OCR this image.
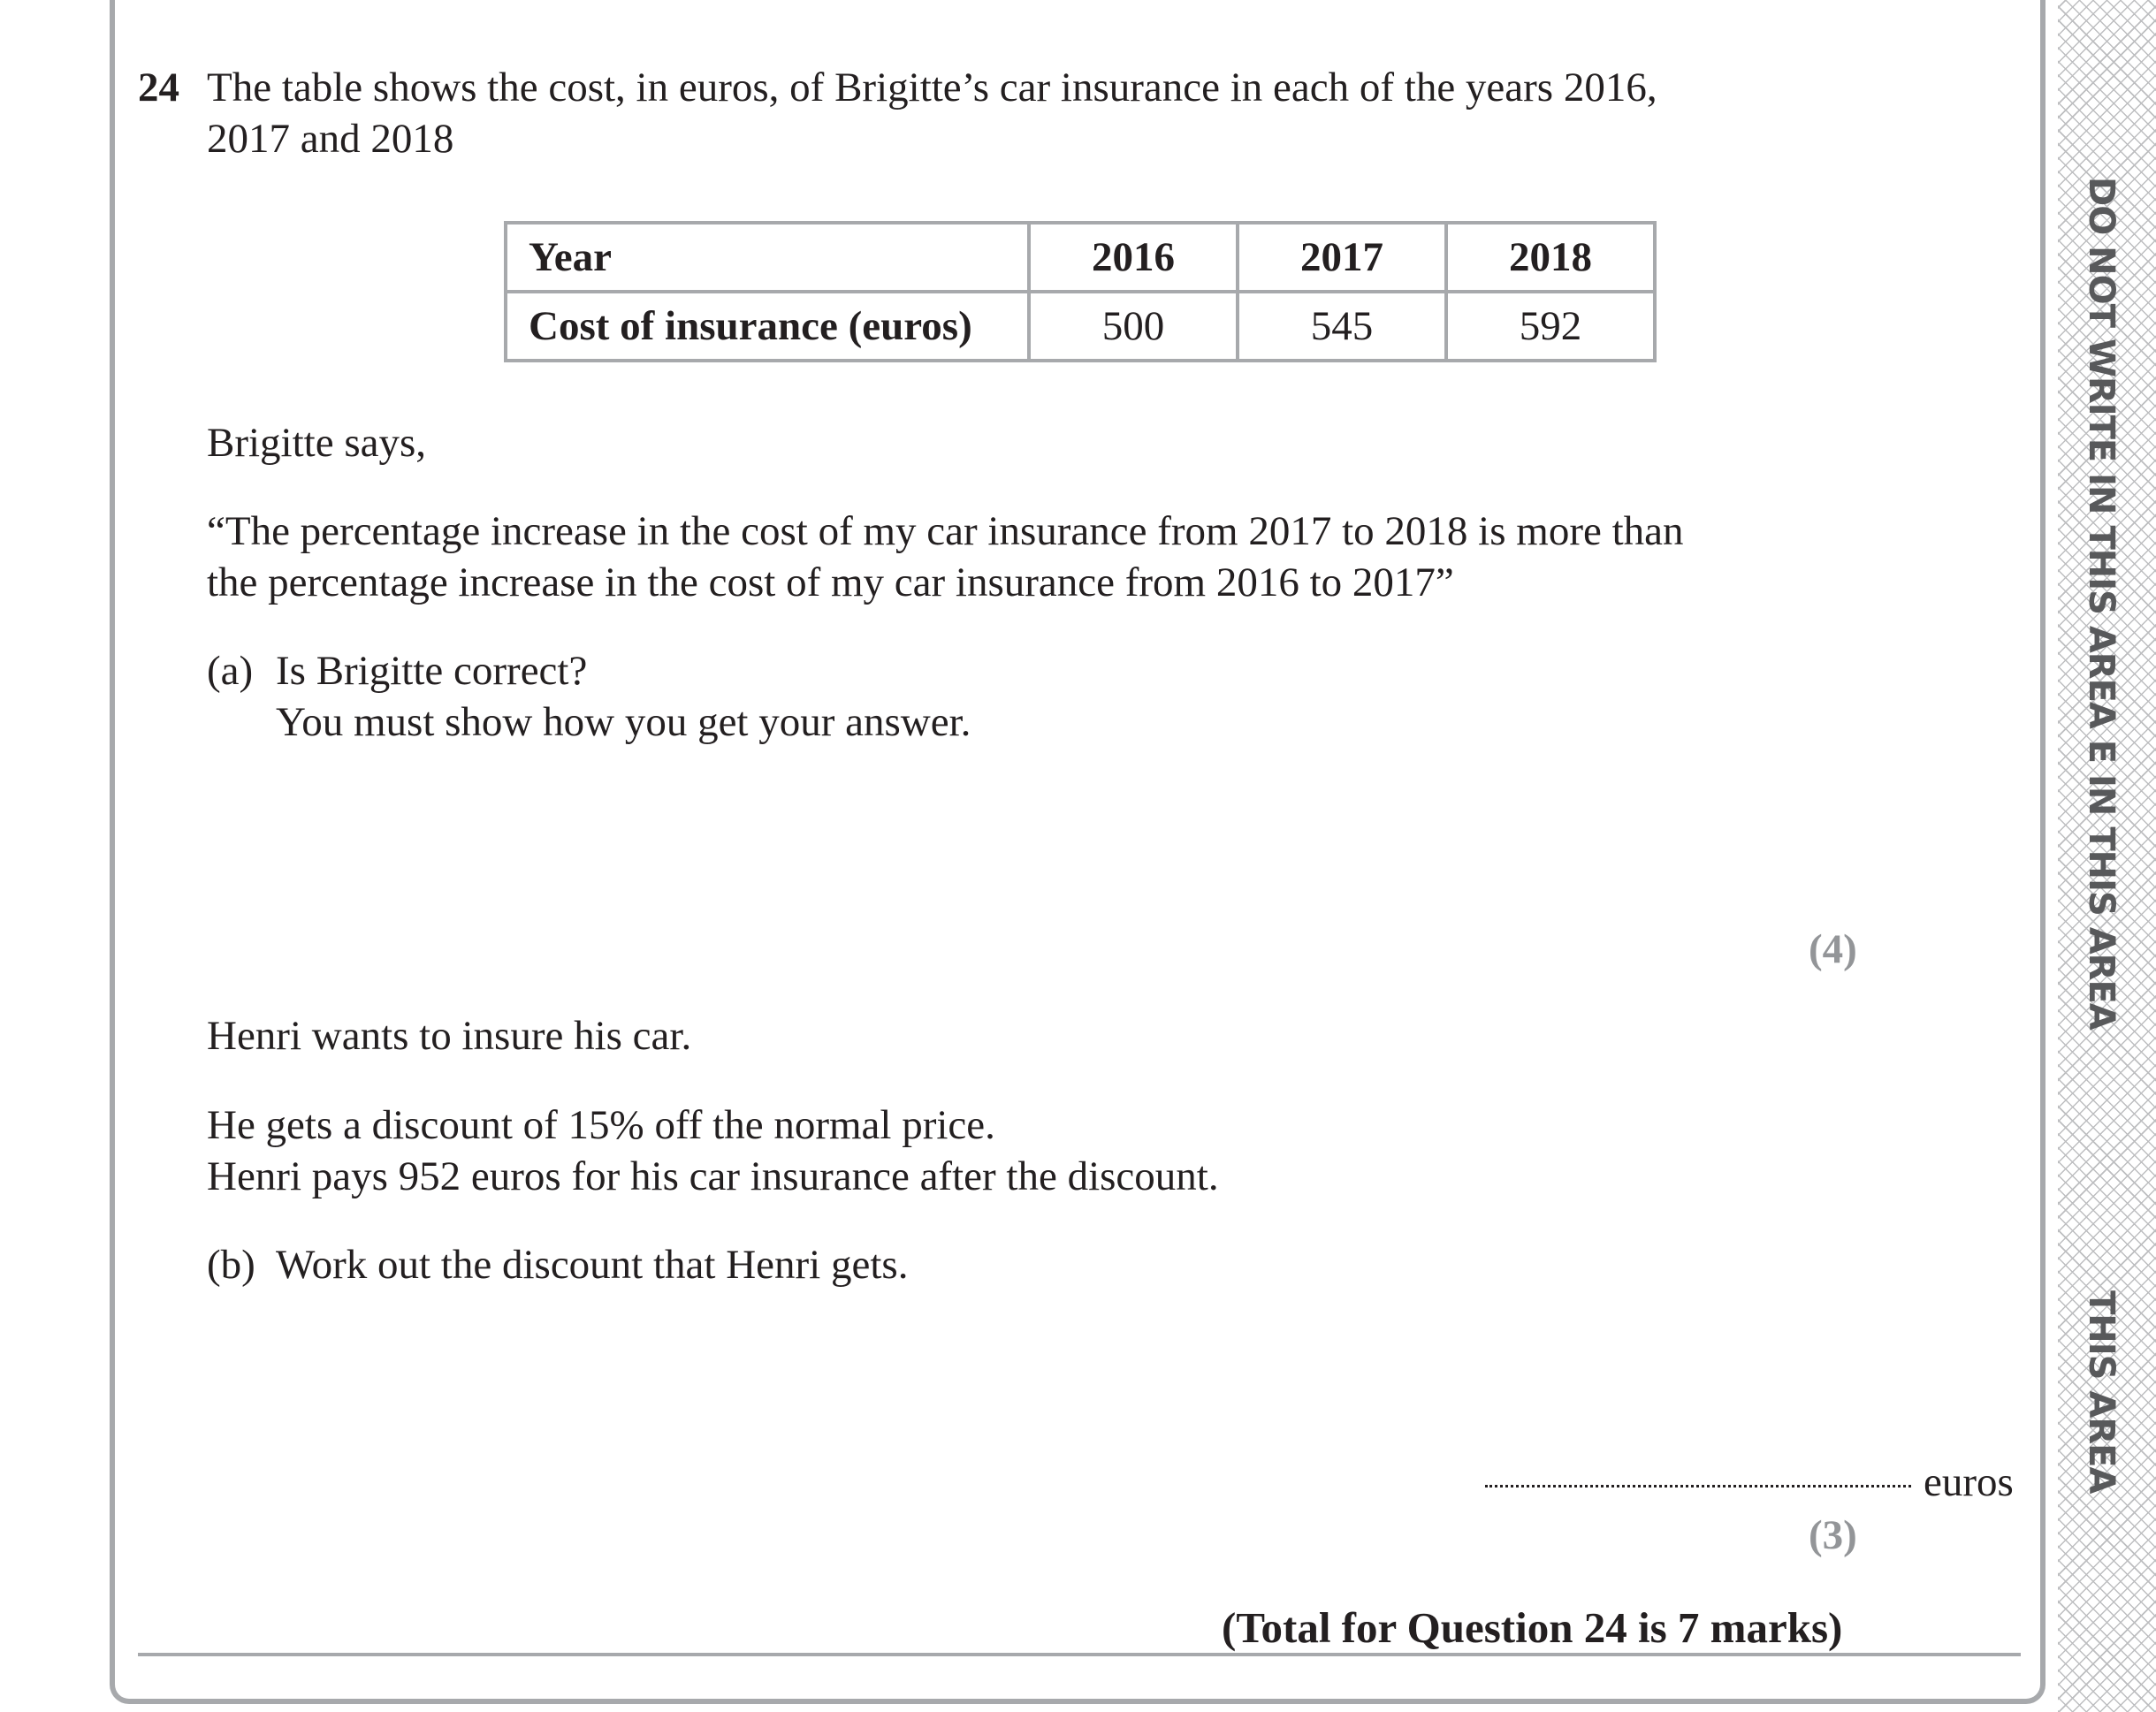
DO NOT WRITE IN THIS AREA E IN THIS AREA
THIS AREA
24 The table shows the cost, in euros, of Brigitte’s car insurance in each of the years 2016,
2017 and 2018
Year	2016	2017	2018
Cost of insurance (euros)	500	545	592
Brigitte says,
“The percentage increase in the cost of my car insurance from 2017 to 2018 is more than
the percentage increase in the cost of my car insurance from 2016 to 2017”
(a) Is Brigitte correct?
You must show how you get your answer.
(4)
Henri wants to insure his car.
He gets a discount of 15% off the normal price.
Henri pays 952 euros for his car insurance after the discount.
(b) Work out the discount that Henri gets.
euros
(3)
(Total for Question 24 is 7 marks)
